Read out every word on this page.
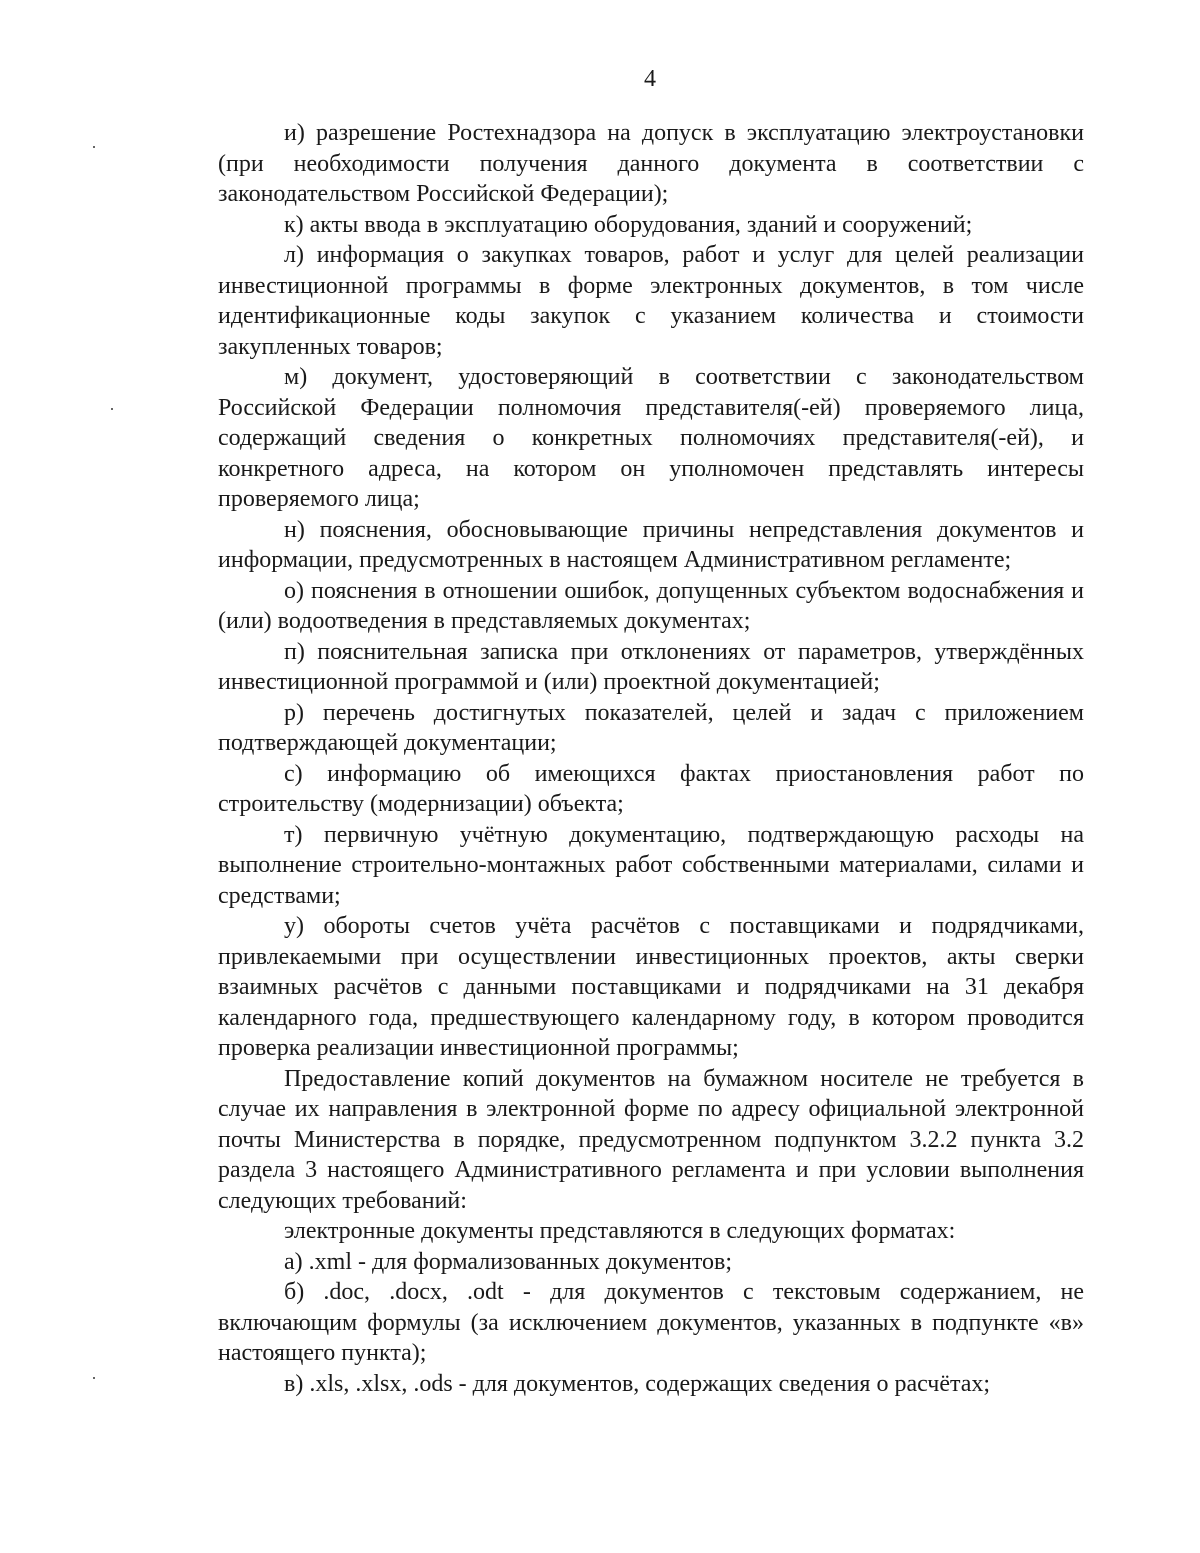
4

и) разрешение Ростехнадзора на допуск в эксплуатацию электроустановки (при необходимости получения данного документа в соответствии с законодательством Российской Федерации);

к) акты ввода в эксплуатацию оборудования, зданий и сооружений;

л) информация о закупках товаров, работ и услуг для целей реализации инвестиционной программы в форме электронных документов, в том числе идентификационные коды закупок с указанием количества и стоимости закупленных товаров;

м) документ, удостоверяющий в соответствии с законодательством Российской Федерации полномочия представителя(-ей) проверяемого лица, содержащий сведения о конкретных полномочиях представителя(-ей), и конкретного адреса, на котором он уполномочен представлять интересы проверяемого лица;

н) пояснения, обосновывающие причины непредставления документов и информации, предусмотренных в настоящем Административном регламенте;

о) пояснения в отношении ошибок, допущенных субъектом водоснабжения и (или) водоотведения в представляемых документах;

п) пояснительная записка при отклонениях от параметров, утверждённых инвестиционной программой и (или) проектной документацией;

р) перечень достигнутых показателей, целей и задач с приложением подтверждающей документации;

с) информацию об имеющихся фактах приостановления работ по строительству (модернизации) объекта;

т) первичную учётную документацию, подтверждающую расходы на выполнение строительно-монтажных работ собственными материалами, силами и средствами;

у) обороты счетов учёта расчётов с поставщиками и подрядчиками, привлекаемыми при осуществлении инвестиционных проектов, акты сверки взаимных расчётов с данными поставщиками и подрядчиками на 31 декабря календарного года, предшествующего календарному году, в котором проводится проверка реализации инвестиционной программы;

Предоставление копий документов на бумажном носителе не требуется в случае их направления в электронной форме по адресу официальной электронной почты Министерства в порядке, предусмотренном подпунктом 3.2.2 пункта 3.2 раздела 3 настоящего Административного регламента и при условии выполнения следующих требований:

электронные документы представляются в следующих форматах:

а) .xml - для формализованных документов;

б) .doc, .docx, .odt - для документов с текстовым содержанием, не включающим формулы (за исключением документов, указанных в подпункте «в» настоящего пункта);

в) .xls, .xlsx, .ods - для документов, содержащих сведения о расчётах;
